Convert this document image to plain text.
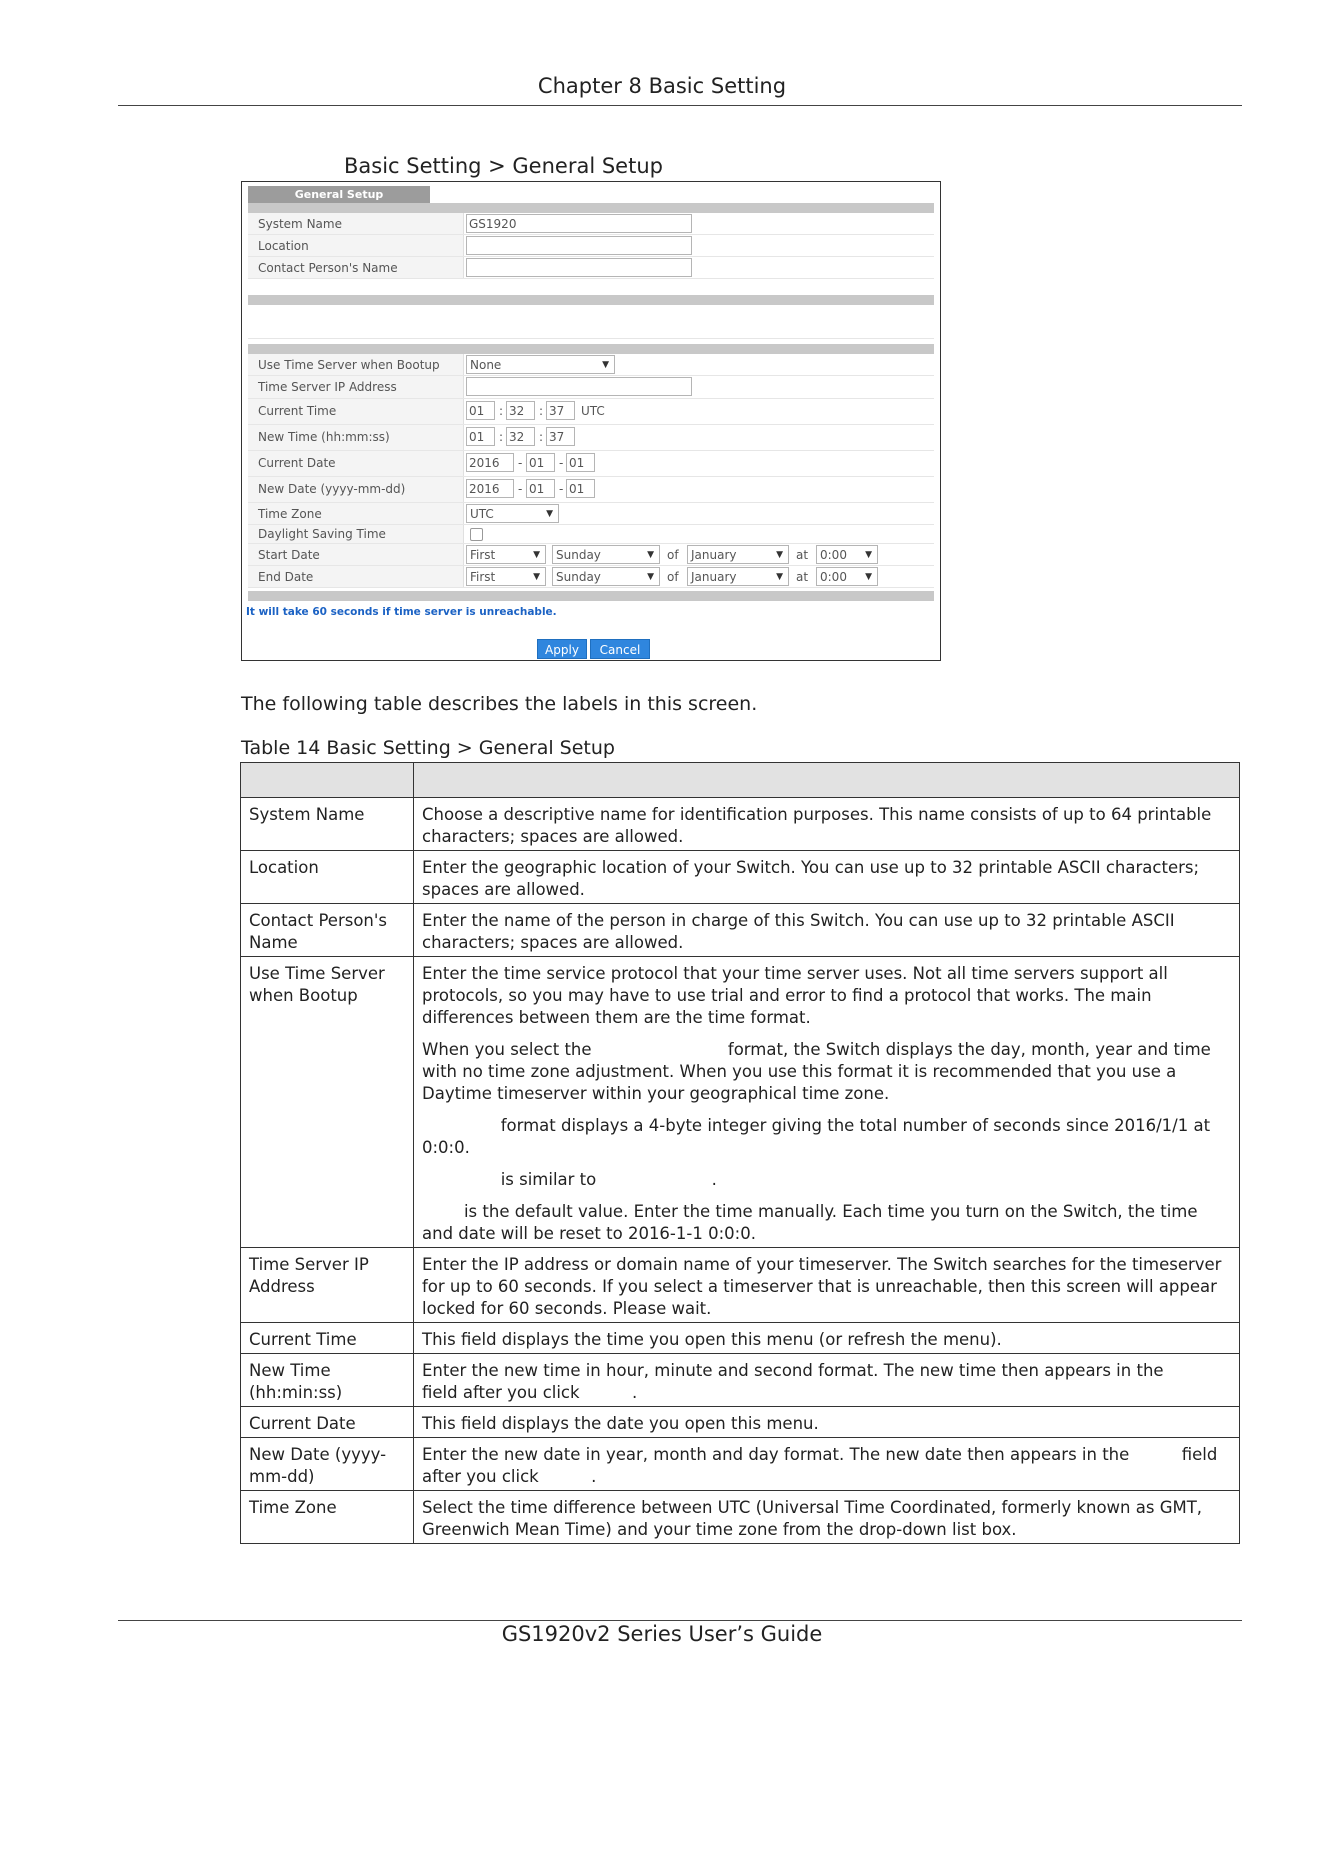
Chapter 8 Basic Setting
Basic Setting > General Setup
General Setup
System Name	GS1920
Location
Contact Person's Name
Use Time Server when Bootup	None	▼
Time Server IP Address
Current Time	01	: 32	: 37	UTC
New Time (hh:mm:ss)	01	: 32	: 37
Current Date	2016	- 01	- 01
New Date (yyyy-mm-dd)	2016	- 01	- 01
Time Zone	UTC	▼
Daylight Saving Time
Start Date	First	▼	Sunday	▼ of	January	▼ at 0:00 ▼
End Date	First	▼	Sunday	▼ of	January	▼ at 0:00 ▼
It will take 60 seconds if time server is unreachable.
Apply	Cancel
The following table describes the labels in this screen.
Table 14 Basic Setting > General Setup

System Name	Choose a descriptive name for identification purposes. This name consists of up to 64 printable characters; spaces are allowed.

Location	Enter the geographic location of your Switch. You can use up to 32 printable ASCII characters; spaces are allowed.

Contact Person's Name	Enter the name of the person in charge of this Switch. You can use up to 32 printable ASCII characters; spaces are allowed.

Use Time Server when Bootup	Enter the time service protocol that your time server uses. Not all time servers support all protocols, so you may have to use trial and error to find a protocol that works. The main differences between them are the time format.

When you select the                          format, the Switch displays the day, month, year and time with no time zone adjustment. When you use this format it is recommended that you use a Daytime timeserver within your geographical time zone.

format displays a 4-byte integer giving the total number of seconds since 2016/1/1 at 0:0:0.

is similar to                      .

is the default value. Enter the time manually. Each time you turn on the Switch, the time and date will be reset to 2016-1-1 0:0:0.

Time Server IP Address	Enter the IP address or domain name of your timeserver. The Switch searches for the timeserver for up to 60 seconds. If you select a timeserver that is unreachable, then this screen will appear locked for 60 seconds. Please wait.

Current Time	This field displays the time you open this menu (or refresh the menu).

New Time (hh:min:ss)	Enter the new time in hour, minute and second format. The new time then appears in the                  field after you click          .

Current Date	This field displays the date you open this menu.

New Date (yyyy-mm-dd)	Enter the new date in year, month and day format. The new date then appears in the          field after you click          .

Time Zone	Select the time difference between UTC (Universal Time Coordinated, formerly known as GMT, Greenwich Mean Time) and your time zone from the drop-down list box.

GS1920v2 Series User’s Guide
